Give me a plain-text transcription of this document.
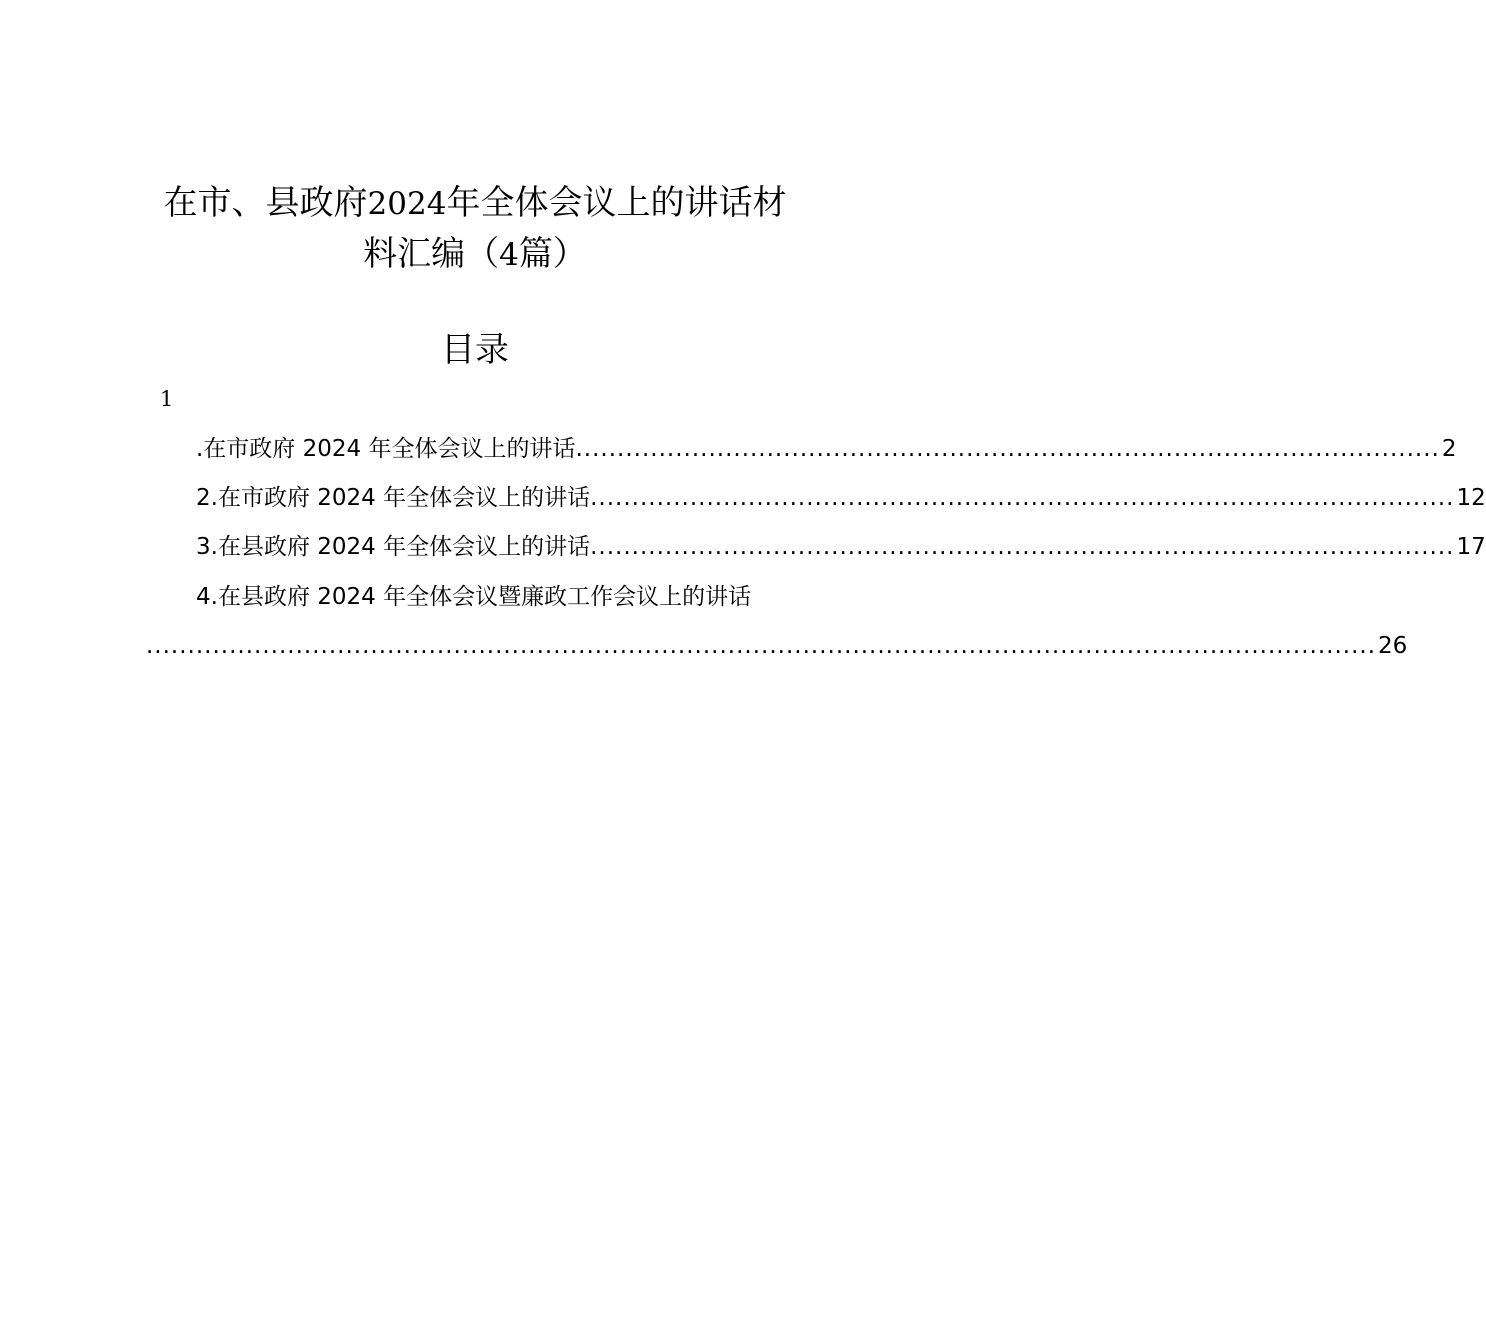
在市、县政府2024年全体会议上的讲话材
料汇编（4篇）
目录
1
.在市政府 2024 年全体会议上的讲话 ........................................................................................................ 2
2.在市政府 2024 年全体会议上的讲话 ........................................................................................................ 12
3.在县政府 2024 年全体会议上的讲话 ........................................................................................................ 17
4.在县政府 2024 年全体会议暨廉政工作会议上的讲话
.................................................................................................................................................... 26
